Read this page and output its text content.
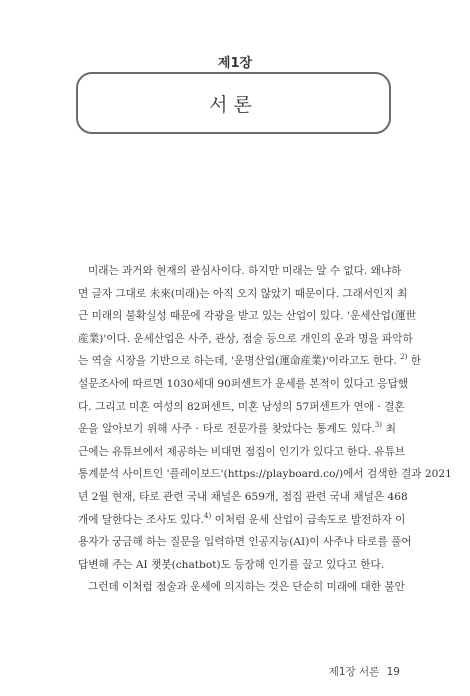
제1장
서론
미래는 과거와 현재의 관심사이다. 하지만 미래는 알 수 없다. 왜냐하
면 글자 그대로 未來(미래)는 아직 오지 않았기 때문이다. 그래서인지 최
근 미래의 불확실성 때문에 각광을 받고 있는 산업이 있다. '운세산업(運世
産業)'이다. 운세산업은 사주, 관상, 점술 등으로 개인의 운과 명을 파악하
는 역술 시장을 기반으로 하는데, '운명산업(運命産業)'이라고도 한다. $^{2)}$ 한
설문조사에 따르면 1030세대 90퍼센트가 운세를 본적이 있다고 응답했
다. 그리고 미혼 여성의 82퍼센트, 미혼 남성의 57퍼센트가 연애 · 결혼
운을 알아보기 위해 사주 · 타로 전문가를 찾았다는 통계도 있다.$^{3)}$ 최
근에는 유튜브에서 제공하는 비대면 점집이 인기가 있다고 한다. 유튜브
통계분석 사이트인 '플레이보드'(https://playboard.co/)에서 검색한 결과 2021
년 2월 현재, 타로 관련 국내 채널은 659개, 점집 관련 국내 채널은 468
개에 달한다는 조사도 있다.$^{4)}$ 이처럼 운세 산업이 급속도로 발전하자 이
용자가 궁금해 하는 질문을 입력하면 인공지능(AI)이 사주나 타로를 풀어
답변해 주는 AI 챗봇(chatbot)도 등장해 인기를 끌고 있다고 한다.
그런데 이처럼 점술과 운세에 의지하는 것은 단순히 미래에 대한 불안
제1장 서론 19
